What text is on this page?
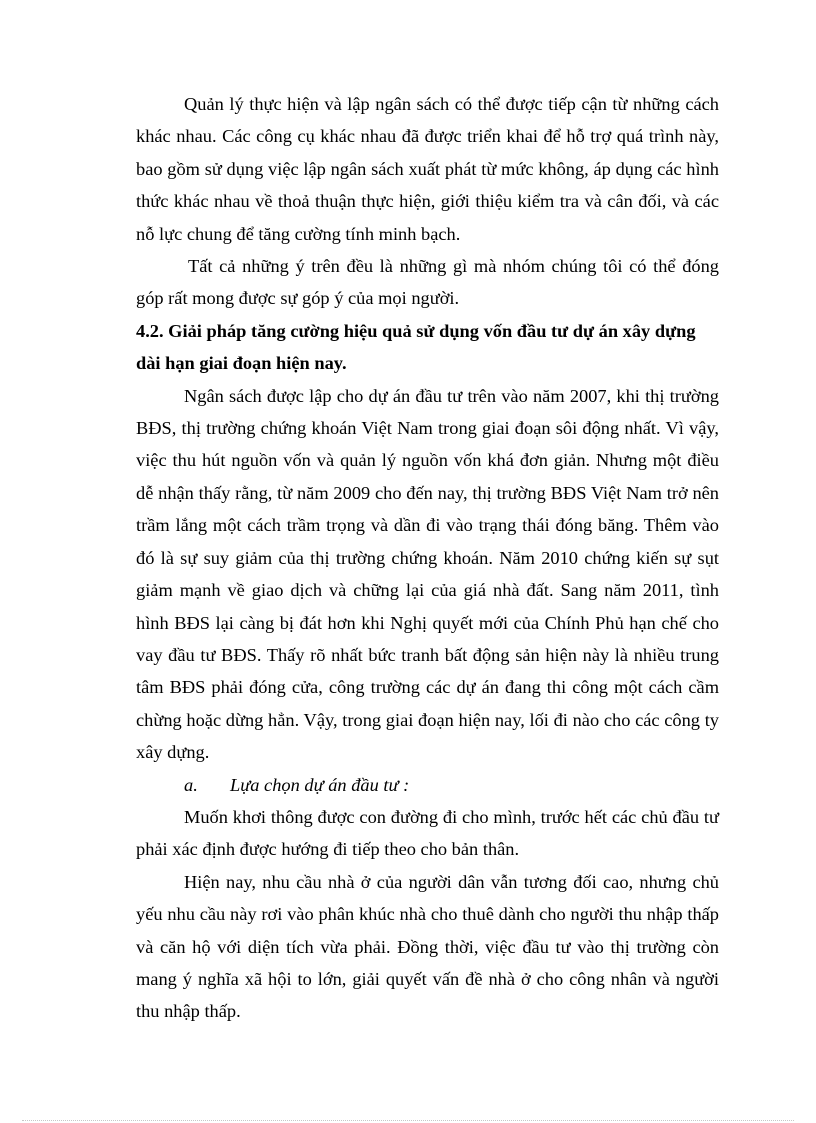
Quản lý thực hiện và lập ngân sách có thể được tiếp cận từ những cách khác nhau. Các công cụ khác nhau đã được triển khai để hỗ trợ quá trình này, bao gồm sử dụng việc lập ngân sách xuất phát từ mức không, áp dụng các hình thức khác nhau về thoả thuận thực hiện, giới thiệu kiểm tra và cân đối, và các nỗ lực chung để tăng cường tính minh bạch.

Tất cả những ý trên đều là những gì mà nhóm chúng tôi có thể đóng góp rất mong được sự góp ý của mọi người.

4.2. Giải pháp tăng cường hiệu quả sử dụng vốn đầu tư dự án xây dựng dài hạn giai đoạn hiện nay.

Ngân sách được lập cho dự án đầu tư trên vào năm 2007, khi thị trường BĐS, thị trường chứng khoán Việt Nam trong giai đoạn sôi động nhất. Vì vậy, việc thu hút nguồn vốn và quản lý nguồn vốn khá đơn giản. Nhưng một điều dễ nhận thấy rằng, từ năm 2009 cho đến nay, thị trường BĐS Việt Nam trở nên trầm lắng một cách trầm trọng và dần đi vào trạng thái đóng băng. Thêm vào đó là sự suy giảm của thị trường chứng khoán. Năm 2010 chứng kiến sự sụt giảm mạnh về giao dịch và chững lại của giá nhà đất. Sang năm 2011, tình hình BĐS lại càng bị đát hơn khi Nghị quyết mới của Chính Phủ hạn chế cho vay đầu tư BĐS. Thấy rõ nhất bức tranh bất động sản hiện này là nhiều trung tâm BĐS phải đóng cửa, công trường các dự án đang thi công một cách cầm chừng hoặc dừng hẳn. Vậy, trong giai đoạn hiện nay, lối đi nào cho các công ty xây dựng.

a. Lựa chọn dự án đầu tư :

Muốn khơi thông được con đường đi cho mình, trước hết các chủ đầu tư phải xác định được hướng đi tiếp theo cho bản thân.

Hiện nay, nhu cầu nhà ở của người dân vẫn tương đối cao, nhưng chủ yếu nhu cầu này rơi vào phân khúc nhà cho thuê dành cho người thu nhập thấp và căn hộ với diện tích vừa phải. Đồng thời, việc đầu tư vào thị trường còn mang ý nghĩa xã hội to lớn, giải quyết vấn đề nhà ở cho công nhân và người thu nhập thấp.
